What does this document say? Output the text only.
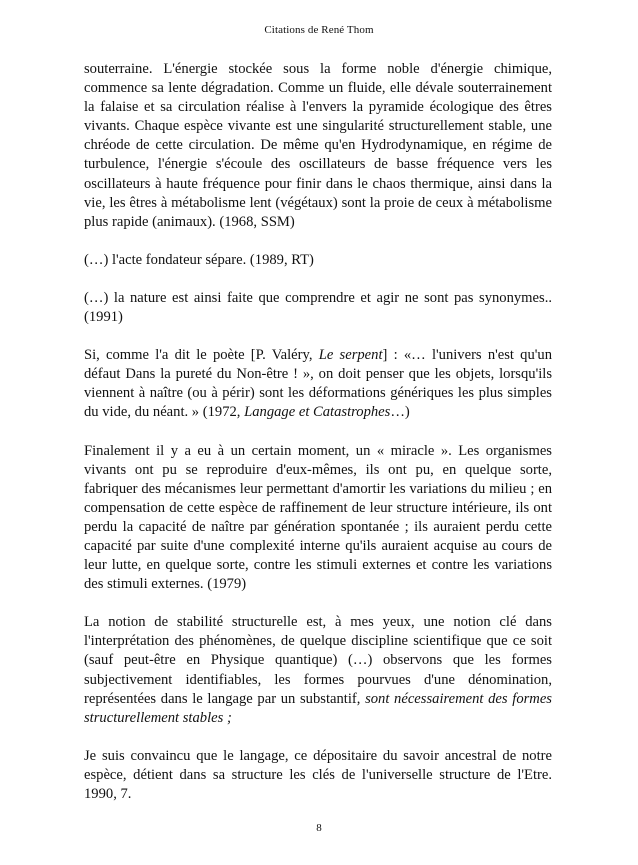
Citations de René Thom

souterraine. L'énergie stockée sous la forme noble d'énergie chimique, commence sa lente dégradation. Comme un fluide, elle dévale souterrainement la falaise et sa circulation réalise à l'envers la pyramide écologique des êtres vivants. Chaque espèce vivante est une singularité structurellement stable, une chréode de cette circulation. De même qu'en Hydrodynamique, en régime de turbulence, l'énergie s'écoule des oscillateurs de basse fréquence vers les oscillateurs à haute fréquence pour finir dans le chaos thermique, ainsi dans la vie, les êtres à métabolisme lent (végétaux) sont la proie de ceux à métabolisme plus rapide (animaux). (1968, SSM)

(…) l'acte fondateur sépare. (1989, RT)

(…) la nature est ainsi faite que comprendre et agir ne sont pas synonymes.. (1991)

Si, comme l'a dit le poète [P. Valéry, Le serpent] : «… l'univers n'est qu'un défaut Dans la pureté du Non-être ! », on doit penser que les objets, lorsqu'ils viennent à naître (ou à périr) sont les déformations génériques les plus simples du vide, du néant. » (1972, Langage et Catastrophes…)

Finalement il y a eu à un certain moment, un « miracle ». Les organismes vivants ont pu se reproduire d'eux-mêmes, ils ont pu, en quelque sorte, fabriquer des mécanismes leur permettant d'amortir les variations du milieu ; en compensation de cette espèce de raffinement de leur structure intérieure, ils ont perdu la capacité de naître par génération spontanée ; ils auraient perdu cette capacité par suite d'une complexité interne qu'ils auraient acquise au cours de leur lutte, en quelque sorte, contre les stimuli externes et contre les variations des stimuli externes. (1979)

La notion de stabilité structurelle est, à mes yeux, une notion clé dans l'interprétation des phénomènes, de quelque discipline scientifique que ce soit (sauf peut-être en Physique quantique) (…) observons que les formes subjectivement identifiables, les formes pourvues d'une dénomination, représentées dans le langage par un substantif, sont nécessairement des formes structurellement stables ;

Je suis convaincu que le langage, ce dépositaire du savoir ancestral de notre espèce, détient dans sa structure les clés de l'universelle structure de l'Etre. 1990, 7.

8
